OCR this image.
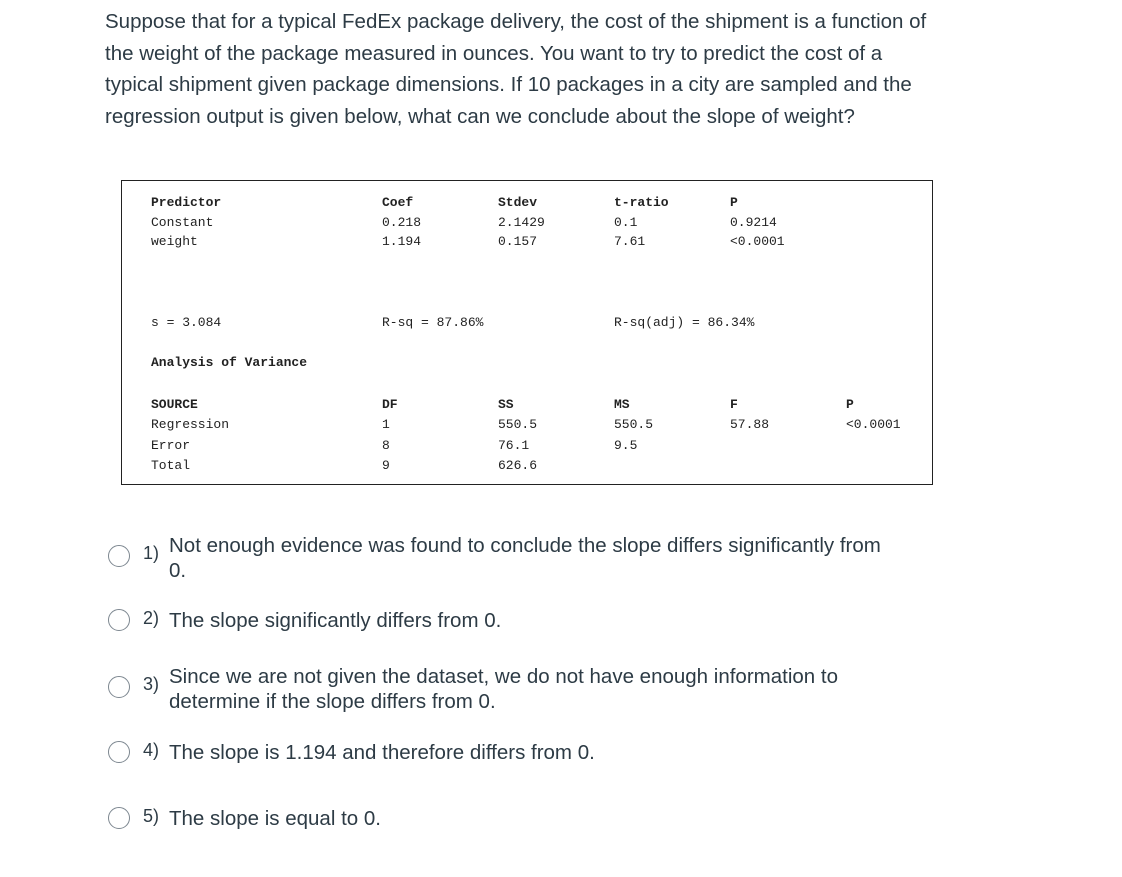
Suppose that for a typical FedEx package delivery, the cost of the shipment is a function of the weight of the package measured in ounces. You want to try to predict the cost of a typical shipment given package dimensions. If 10 packages in a city are sampled and the regression output is given below, what can we conclude about the slope of weight?
Predictor	Coef	Stdev	t-ratio	P
Constant	0.218	2.1429	0.1	0.9214
weight	1.194	0.157	7.61	<0.0001
s = 3.084	R-sq = 87.86%	R-sq(adj) = 86.34%
Analysis of Variance
SOURCE	DF	SS	MS	F	P
Regression	1	550.5	550.5	57.88	<0.0001
Error	8	76.1	9.5
Total	9	626.6
1) Not enough evidence was found to conclude the slope differs significantly from 0.
2) The slope significantly differs from 0.
3) Since we are not given the dataset, we do not have enough information to determine if the slope differs from 0.
4) The slope is 1.194 and therefore differs from 0.
5) The slope is equal to 0.
